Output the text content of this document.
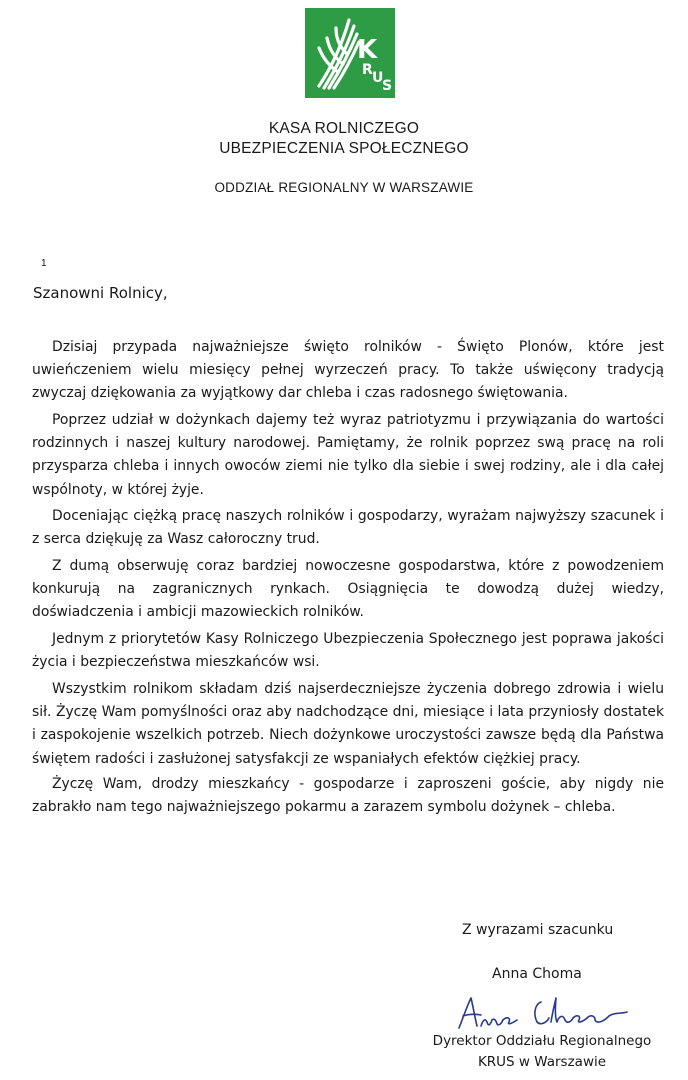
K
R U
S
KASA ROLNICZEGO
UBEZPIECZENIA SPOŁECZNEGO
ODDZIAŁ REGIONALNY W WARSZAWIE
1
Szanowni Rolnicy,

Dzisiaj przypada najważniejsze święto rolników - Święto Plonów, które jest uwieńczeniem wielu miesięcy pełnej wyrzeczeń pracy. To także uświęcony tradycją zwyczaj dziękowania za wyjątkowy dar chleba i czas radosnego świętowania.

Poprzez udział w dożynkach dajemy też wyraz patriotyzmu i przywiązania do wartości rodzinnych i naszej kultury narodowej. Pamiętamy, że rolnik poprzez swą pracę na roli przysparza chleba i innych owoców ziemi nie tylko dla siebie i swej rodziny, ale i dla całej wspólnoty, w której żyje.

Doceniając ciężką pracę naszych rolników i gospodarzy, wyrażam najwyższy szacunek i z serca dziękuję za Wasz całoroczny trud.

Z dumą obserwuję coraz bardziej nowoczesne gospodarstwa, które z powodzeniem konkurują na zagranicznych rynkach. Osiągnięcia te dowodzą dużej wiedzy, doświadczenia i ambicji mazowieckich rolników.

Jednym z priorytetów Kasy Rolniczego Ubezpieczenia Społecznego jest poprawa jakości życia i bezpieczeństwa mieszkańców wsi.

Wszystkim rolnikom składam dziś najserdeczniejsze życzenia dobrego zdrowia i wielu sił. Życzę Wam pomyślności oraz aby nadchodzące dni, miesiące i lata przyniosły dostatek i zaspokojenie wszelkich potrzeb. Niech dożynkowe uroczystości zawsze będą dla Państwa świętem radości i zasłużonej satysfakcji ze wspaniałych efektów ciężkiej pracy.

Życzę Wam, drodzy mieszkańcy - gospodarze i zaproszeni goście, aby nigdy nie zabrakło nam tego najważniejszego pokarmu a zarazem symbolu dożynek – chleba.

Z wyrazami szacunku
Anna Choma
Dyrektor Oddziału Regionalnego
KRUS w Warszawie
